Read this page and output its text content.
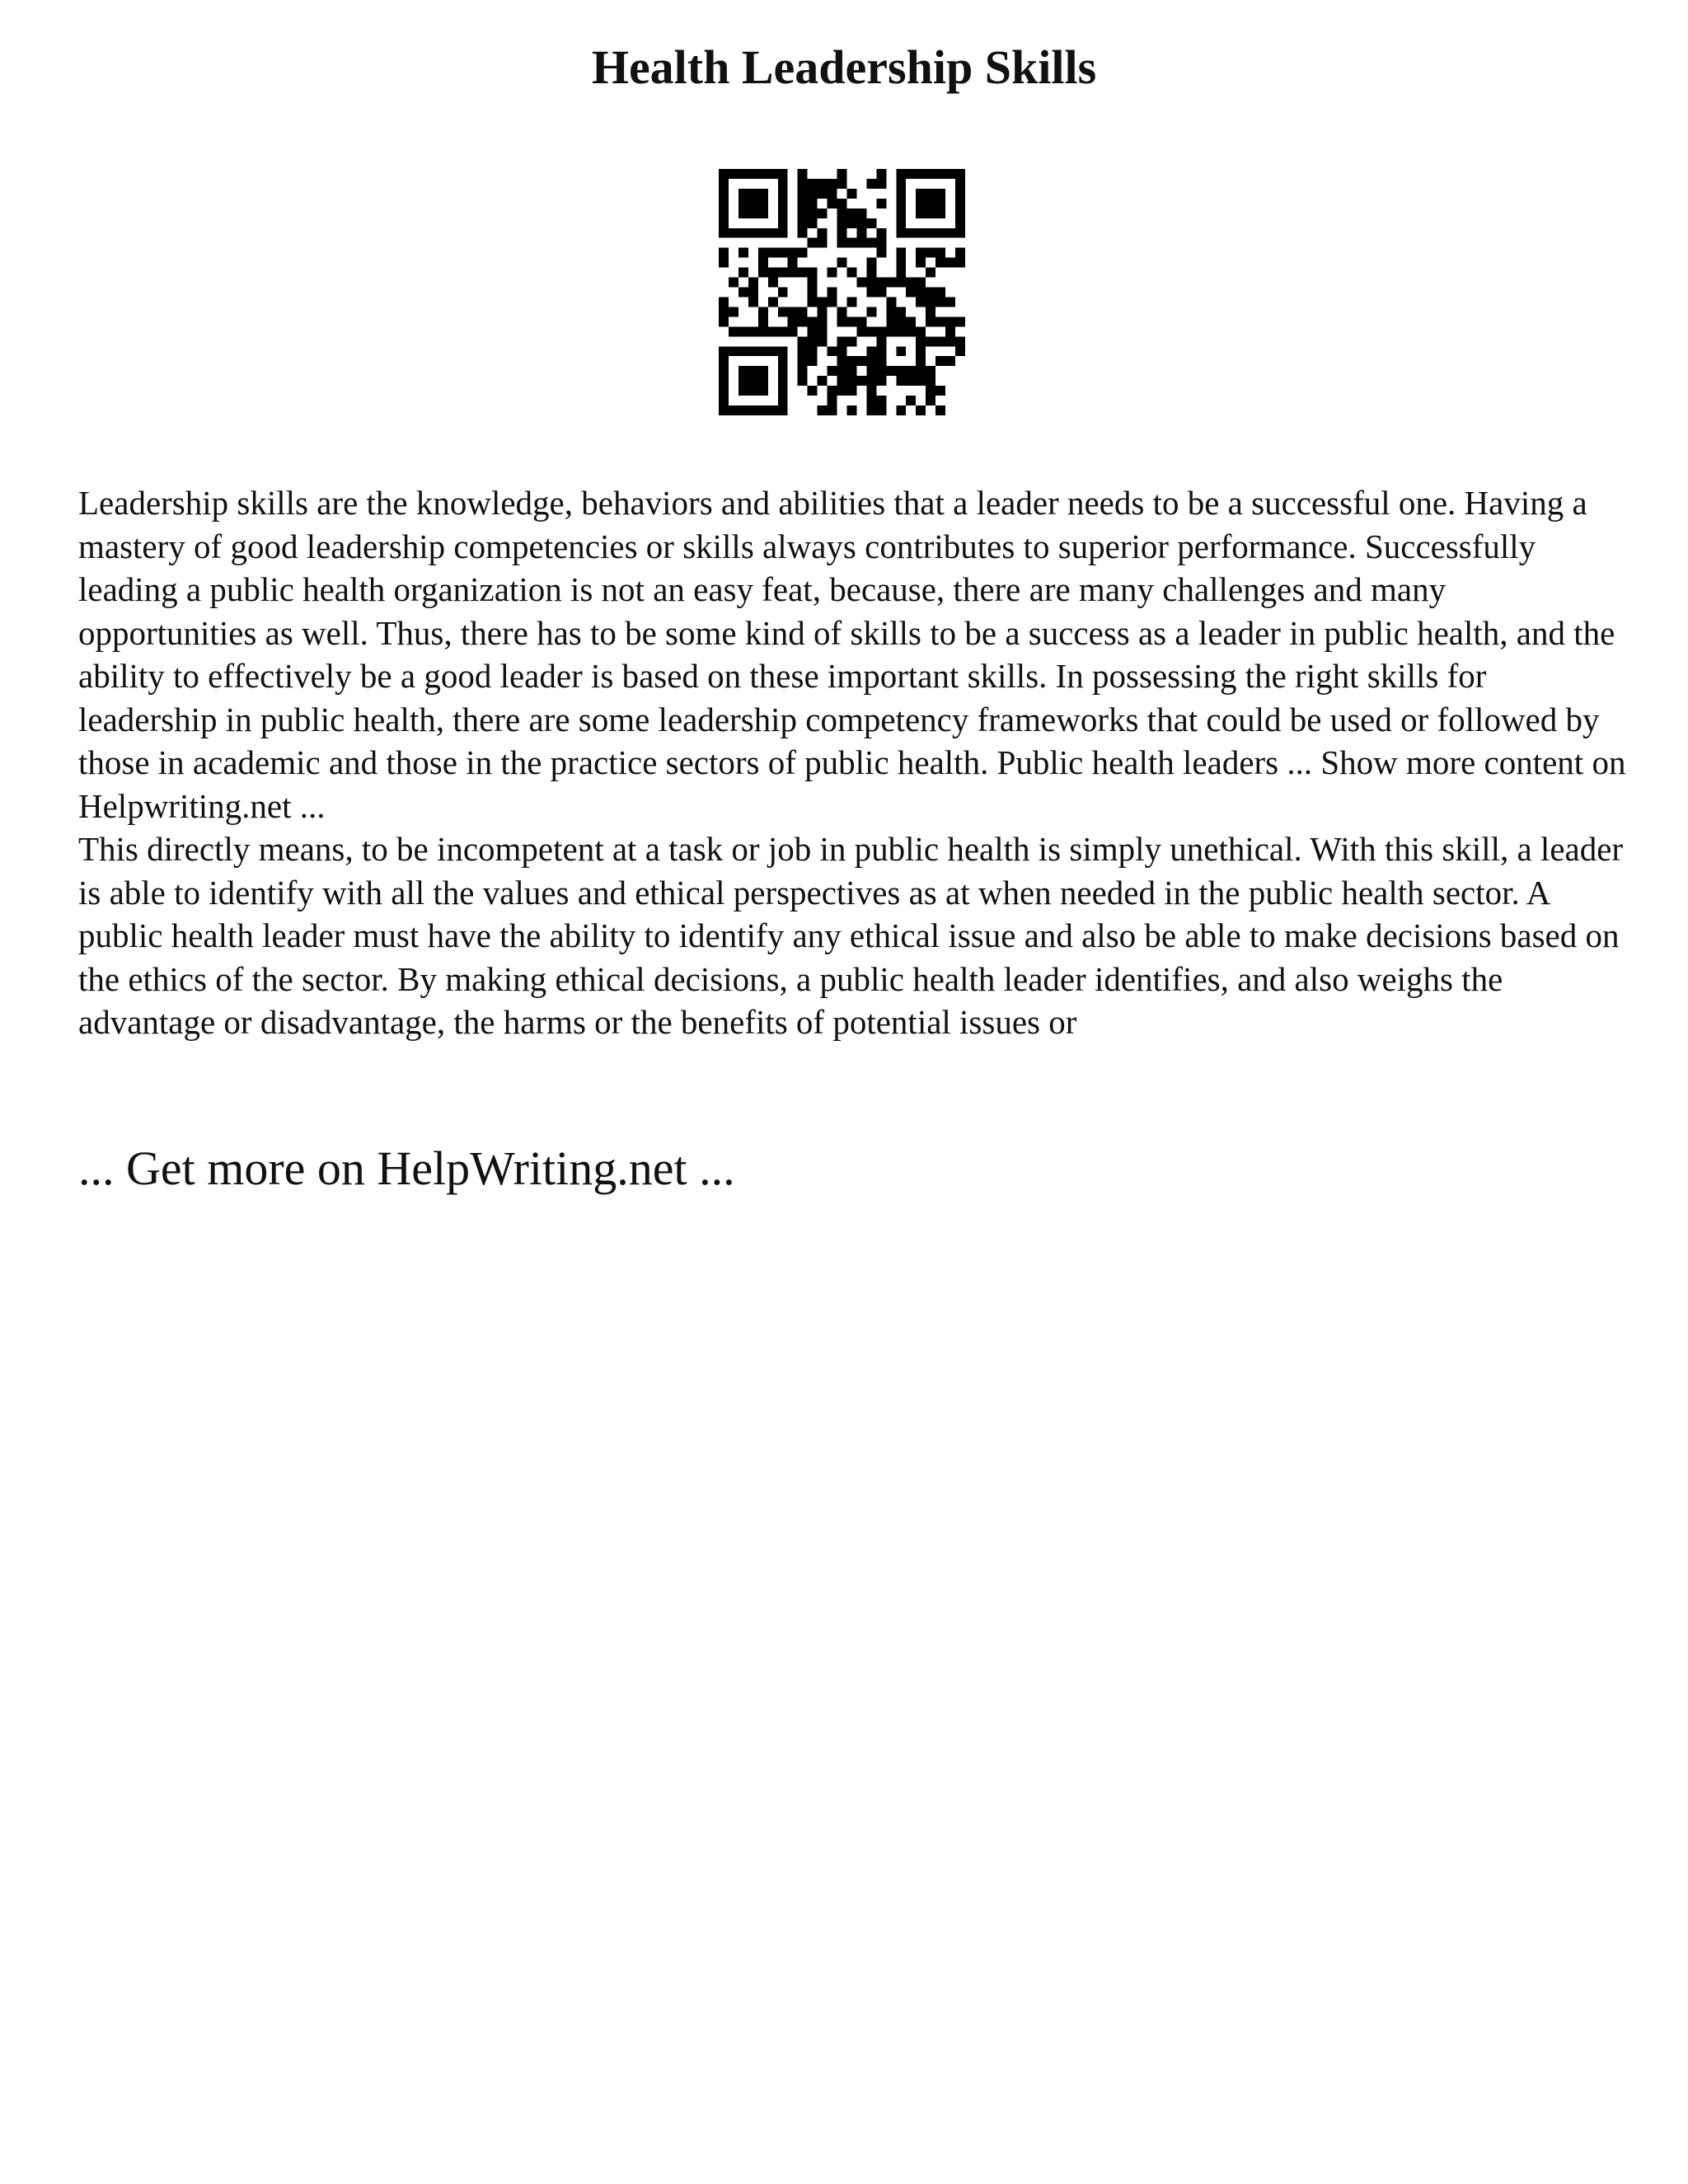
Health Leadership Skills

Leadership skills are the knowledge, behaviors and abilities that a leader needs to be a successful one. Having a mastery of good leadership competencies or skills always contributes to superior performance. Successfully leading a public health organization is not an easy feat, because, there are many challenges and many opportunities as well. Thus, there has to be some kind of skills to be a success as a leader in public health, and the ability to effectively be a good leader is based on these important skills. In possessing the right skills for leadership in public health, there are some leadership competency frameworks that could be used or followed by those in academic and those in the practice sectors of public health. Public health leaders ... Show more content on Helpwriting.net ...

This directly means, to be incompetent at a task or job in public health is simply unethical. With this skill, a leader is able to identify with all the values and ethical perspectives as at when needed in the public health sector. A public health leader must have the ability to identify any ethical issue and also be able to make decisions based on the ethics of the sector. By making ethical decisions, a public health leader identifies, and also weighs the advantage or disadvantage, the harms or the benefits of potential issues or

... Get more on HelpWriting.net ...
